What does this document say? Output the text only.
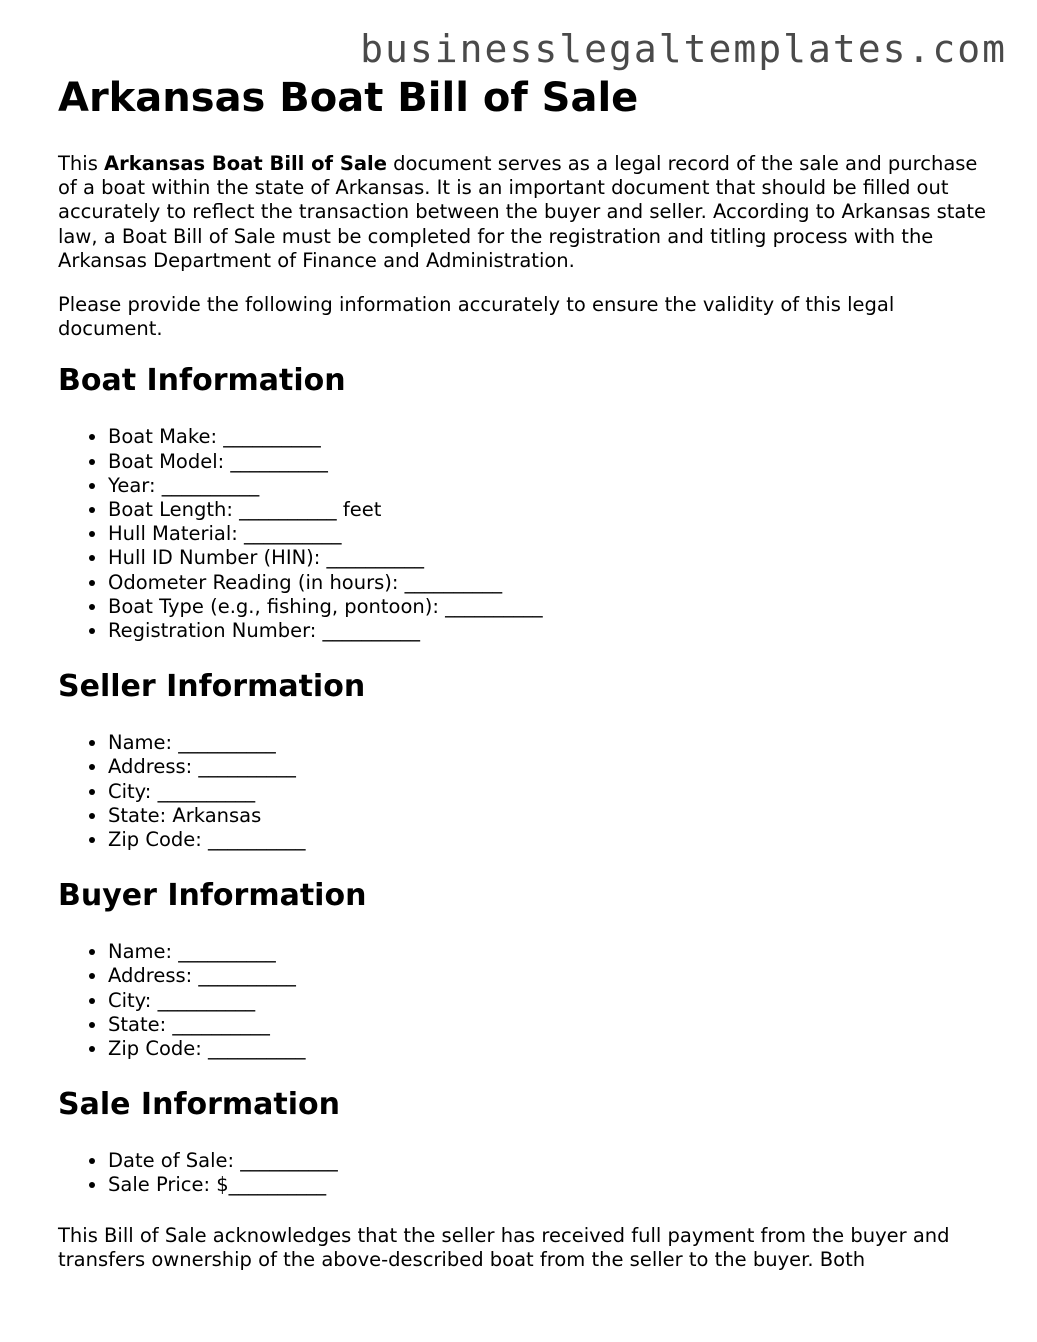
businesslegaltemplates.com
Arkansas Boat Bill of Sale

This Arkansas Boat Bill of Sale document serves as a legal record of the sale and purchase of a boat within the state of Arkansas. It is an important document that should be filled out accurately to reflect the transaction between the buyer and seller. According to Arkansas state law, a Boat Bill of Sale must be completed for the registration and titling process with the Arkansas Department of Finance and Administration.

Please provide the following information accurately to ensure the validity of this legal document.

Boat Information
• Boat Make: __________
• Boat Model: __________
• Year: __________
• Boat Length: __________ feet
• Hull Material: __________
• Hull ID Number (HIN): __________
• Odometer Reading (in hours): __________
• Boat Type (e.g., fishing, pontoon): __________
• Registration Number: __________
Seller Information
• Name: __________
• Address: __________
• City: __________
• State: Arkansas
• Zip Code: __________
Buyer Information
• Name: __________
• Address: __________
• City: __________
• State: __________
• Zip Code: __________
Sale Information
• Date of Sale: __________
• Sale Price: $__________

This Bill of Sale acknowledges that the seller has received full payment from the buyer and transfers ownership of the above-described boat from the seller to the buyer. Both
